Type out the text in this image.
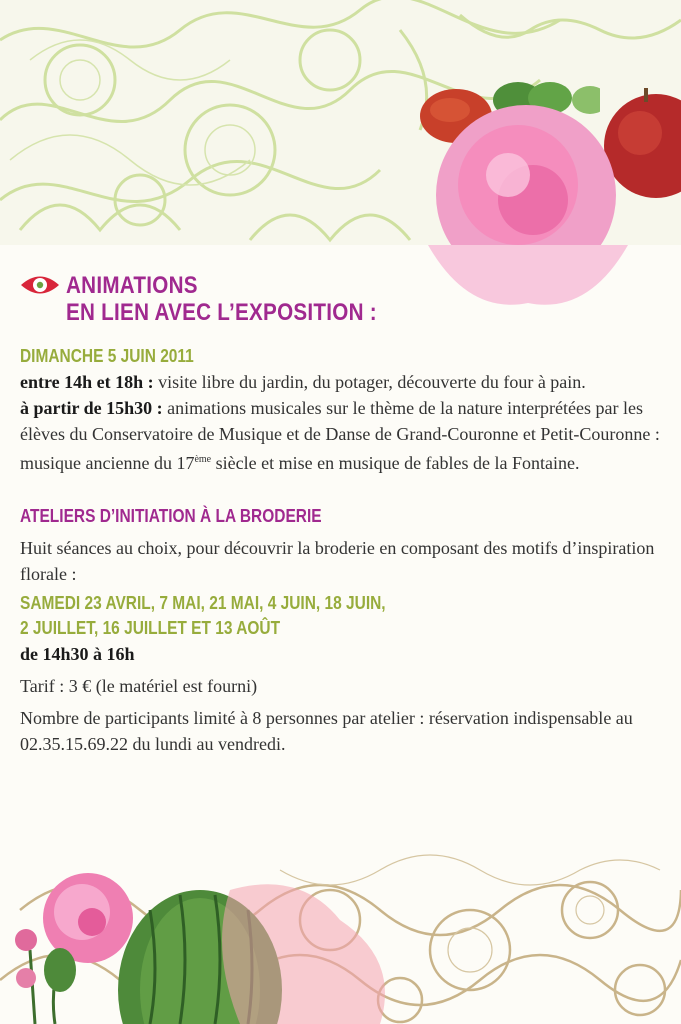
ANIMATIONS
EN LIEN AVEC L’EXPOSITION :
DIMANCHE 5 JUIN 2011

entre 14h et 18h : visite libre du jardin, du potager, découverte du four à pain.

à partir de 15h30 : animations musicales sur le thème de la nature interprétées par les élèves du Conservatoire de Musique et de Danse de Grand-Couronne et Petit-Couronne : musique ancienne du 17ème siècle et mise en musique de fables de la Fontaine.

ATELIERS D’INITIATION À LA BRODERIE

Huit séances au choix, pour découvrir la broderie en composant des motifs d’inspiration florale :

SAMEDI 23 AVRIL, 7 MAI, 21 MAI, 4 JUIN, 18 JUIN,
2 JUILLET, 16 JUILLET ET 13 AOÛT

de 14h30 à 16h

Tarif : 3 € (le matériel est fourni)

Nombre de participants limité à 8 personnes par atelier : réservation indispensable au 02.35.15.69.22 du lundi au vendredi.
